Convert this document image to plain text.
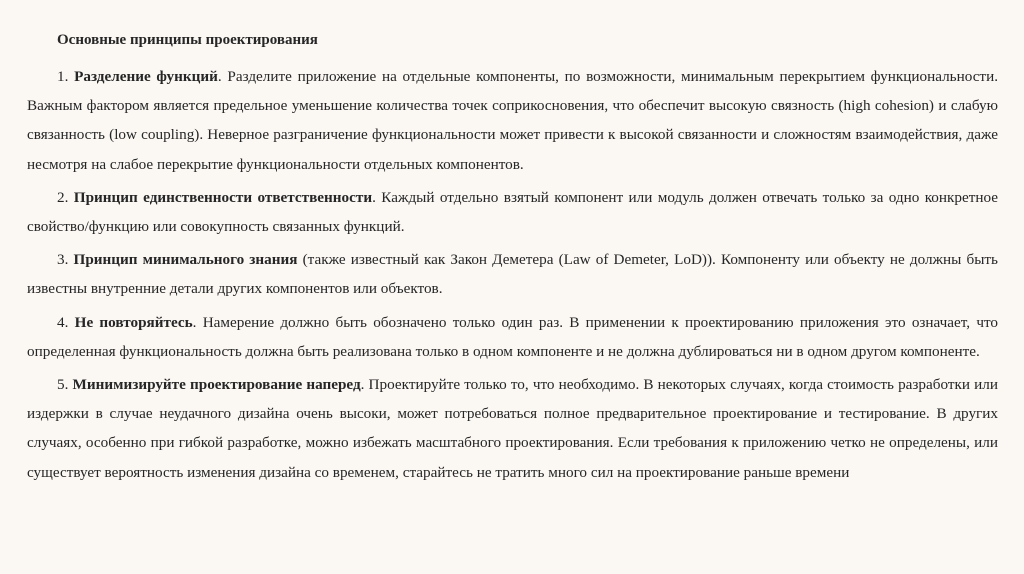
Основные принципы проектирования

1. Разделение функций. Разделите приложение на отдельные компоненты, по возможности, минимальным перекрытием функциональности. Важным фактором является предельное уменьшение количества точек соприкосновения, что обеспечит высокую связность (high cohesion) и слабую связанность (low coupling). Неверное разграничение функциональности может привести к высокой связанности и сложностям взаимодействия, даже несмотря на слабое перекрытие функциональности отдельных компонентов.

2. Принцип единственности ответственности. Каждый отдельно взятый компонент или модуль должен отвечать только за одно конкретное свойство/функцию или совокупность связанных функций.

3. Принцип минимального знания (также известный как Закон Деметера (Law of Demeter, LoD)). Компоненту или объекту не должны быть известны внутренние детали других компонентов или объектов.

4. Не повторяйтесь. Намерение должно быть обозначено только один раз. В применении к проектированию приложения это означает, что определенная функциональность должна быть реализована только в одном компоненте и не должна дублироваться ни в одном другом компоненте.

5. Минимизируйте проектирование наперед. Проектируйте только то, что необходимо. В некоторых случаях, когда стоимость разработки или издержки в случае неудачного дизайна очень высоки, может потребоваться полное предварительное проектирование и тестирование. В других случаях, особенно при гибкой разработке, можно избежать масштабного проектирования. Если требования к приложению четко не определены, или существует вероятность изменения дизайна со временем, старайтесь не тратить много сил на проектирование раньше времени
